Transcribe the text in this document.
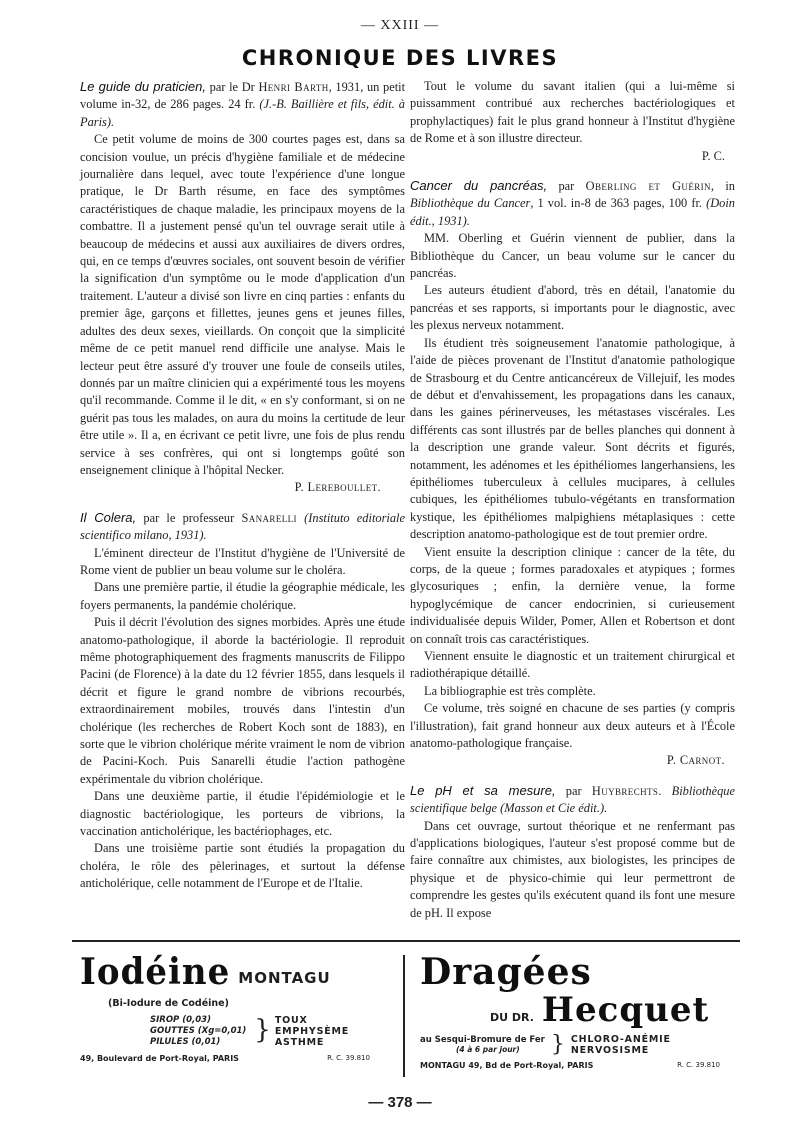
— XXIII —
CHRONIQUE DES LIVRES

Le guide du praticien, par le Dr Henri Barth, 1931, un petit volume in-32, de 286 pages. 24 fr. (J.-B. Baillière et fils, édit. à Paris).

Ce petit volume de moins de 300 courtes pages est, dans sa concision voulue, un précis d'hygiène familiale et de médecine journalière dans lequel, avec toute l'expérience d'une longue pratique, le Dr Barth résume, en face des symptômes caractéristiques de chaque maladie, les principaux moyens de la combattre. Il a justement pensé qu'un tel ouvrage serait utile à beaucoup de médecins et aussi aux auxiliaires de divers ordres, qui, en ce temps d'œuvres sociales, ont souvent besoin de vérifier la signification d'un symptôme ou le mode d'application d'un traitement. L'auteur a divisé son livre en cinq parties : enfants du premier âge, garçons et fillettes, jeunes gens et jeunes filles, adultes des deux sexes, vieillards. On conçoit que la simplicité même de ce petit manuel rend difficile une analyse. Mais le lecteur peut être assuré d'y trouver une foule de conseils utiles, donnés par un maître clinicien qui a expérimenté tous les moyens qu'il recommande. Comme il le dit, « en s'y conformant, si on ne guérit pas tous les malades, on aura du moins la certitude de leur être utile ». Il a, en écrivant ce petit livre, une fois de plus rendu service à ses confrères, qui ont si longtemps goûté son enseignement clinique à l'hôpital Necker.

P. Lereboullet.

Il Colera, par le professeur Sanarelli (Instituto editoriale scientifico milano, 1931).

L'éminent directeur de l'Institut d'hygiène de l'Université de Rome vient de publier un beau volume sur le choléra.

Dans une première partie, il étudie la géographie médicale, les foyers permanents, la pandémie cholérique.

Puis il décrit l'évolution des signes morbides. Après une étude anatomo-pathologique, il aborde la bactériologie. Il reproduit même photographiquement des fragments manuscrits de Filippo Pacini (de Florence) à la date du 12 février 1855, dans lesquels il décrit et figure le grand nombre de vibrions recourbés, extraordinairement mobiles, trouvés dans l'intestin d'un cholérique (les recherches de Robert Koch sont de 1883), en sorte que le vibrion cholérique mérite vraiment le nom de vibrion de Pacini-Koch. Puis Sanarelli étudie l'action pathogène expérimentale du vibrion cholérique.

Dans une deuxième partie, il étudie l'épidémiologie et le diagnostic bactériologique, les porteurs de vibrions, la vaccination anticholérique, les bactériophages, etc.

Dans une troisième partie sont étudiés la propagation du choléra, le rôle des pèlerinages, et surtout la défense anticholérique, celle notamment de l'Europe et de l'Italie.

Tout le volume du savant italien (qui a lui-même si puissamment contribué aux recherches bactériologiques et prophylactiques) fait le plus grand honneur à l'Institut d'hygiène de Rome et à son illustre directeur.

P. C.

Cancer du pancréas, par Oberling et Guérin, in Bibliothèque du Cancer, 1 vol. in-8 de 363 pages, 100 fr. (Doin édit., 1931).

MM. Oberling et Guérin viennent de publier, dans la Bibliothèque du Cancer, un beau volume sur le cancer du pancréas.

Les auteurs étudient d'abord, très en détail, l'anatomie du pancréas et ses rapports, si importants pour le diagnostic, avec les plexus nerveux notamment.

Ils étudient très soigneusement l'anatomie pathologique, à l'aide de pièces provenant de l'Institut d'anatomie pathologique de Strasbourg et du Centre anticancéreux de Villejuif, les modes de début et d'envahissement, les propagations dans les canaux, dans les gaines périnerveuses, les métastases viscérales. Les différents cas sont illustrés par de belles planches qui donnent à la description une grande valeur. Sont décrits et figurés, notamment, les adénomes et les épithéliomes langerhansiens, les épithéliomes tuberculeux à cellules mucipares, à cellules cubiques, les épithéliomes tubulo-végétants en transformation kystique, les épithéliomes malpighiens métaplasiques : cette description anatomo-pathologique est de tout premier ordre.

Vient ensuite la description clinique : cancer de la tête, du corps, de la queue ; formes paradoxales et atypiques ; formes glycosuriques ; enfin, la dernière venue, la forme hypoglycémique de cancer endocrinien, si curieusement individualisée depuis Wilder, Pomer, Allen et Robertson et dont on connaît trois cas caractéristiques.

Viennent ensuite le diagnostic et un traitement chirurgical et radiothérapique détaillé.

La bibliographie est très complète.

Ce volume, très soigné en chacune de ses parties (y compris l'illustration), fait grand honneur aux deux auteurs et à l'École anatomo-pathologique française.

P. Carnot.

Le pH et sa mesure, par Huybrechts. Bibliothèque scientifique belge (Masson et Cie édit.).

Dans cet ouvrage, surtout théorique et ne renfermant pas d'applications biologiques, l'auteur s'est proposé comme but de faire connaître aux chimistes, aux biologistes, les principes de physique et de physico-chimie qui leur permettront de comprendre les gestes qu'ils exécutent quand ils font une mesure de pH. Il expose

Iodéine MONTAGU
(Bi-Iodure de Codéine)
SIROP (0,03)
GOUTTES (Xg=0,01)
PILULES (0,01)	} TOUX
EMPHYSÈME
ASTHME
49, Boulevard de Port-Royal, PARIS	R. C. 39.810
Dragées
DU DR. Hecquet
au Sesqui-Bromure de Fer
(4 à 6 par jour)	} CHLORO-ANÉMIE
NERVOSISME
MONTAGU 49, Bd de Port-Royal, PARIS	R. C. 39.810
— 378 —
